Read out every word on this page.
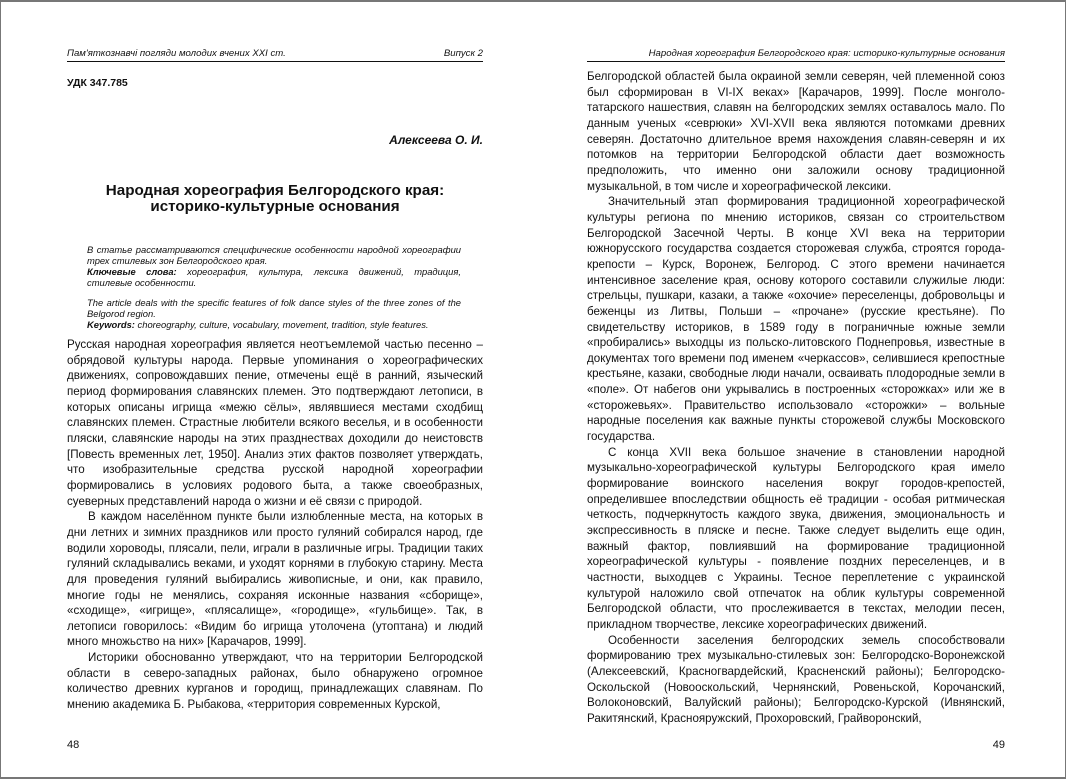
Пам'яткознавчі погляди молодих вчених XXI ст.	Випуск 2
УДК 347.785
Алексеева О. И.
Народная хореография Белгородского края:
историко-культурные основания
В статье рассматриваются специфические особенности народной хореографии трех стилевых зон Белгородского края.
Ключевые слова: хореография, культура, лексика движений, традиция, стилевые особенности.
The article deals with the specific features of folk dance styles of the three zones of the Belgorod region.
Keywords: choreography, culture, vocabulary, movement, tradition, style features.

Русская народная хореография является неотъемлемой частью песенно – обрядовой культуры народа. Первые упоминания о хореографических движениях, сопровождавших пение, отмечены ещё в ранний, языческий период формирования славянских племен. Это подтверждают летописи, в которых описаны игрища «межю сёлы», являвшиеся местами сходбищ славянских племен. Страстные любители всякого веселья, и в особенности пляски, славянские народы на этих празднествах доходили до неистовств [Повесть временных лет, 1950]. Анализ этих фактов позволяет утверждать, что изобразительные средства русской народной хореографии формировались в условиях родового быта, а также своеобразных, суеверных представлений народа о жизни и её связи с природой.

В каждом населённом пункте были излюбленные места, на которых в дни летних и зимних праздников или просто гуляний собирался народ, где водили хороводы, плясали, пели, играли в различные игры. Традиции таких гуляний складывались веками, и уходят корнями в глубокую старину. Места для проведения гуляний выбирались живописные, и они, как правило, многие годы не менялись, сохраняя исконные названия «сборище», «сходище», «игрище», «плясалище», «городище», «гульбище». Так, в летописи говорилось: «Видим бо игрища утолочена (утоптана) и людий много множьство на них» [Карачаров, 1999].

Историки обоснованно утверждают, что на территории Белгородской области в северо-западных районах, было обнаружено огромное количество древних курганов и городищ, принадлежащих славянам. По мнению академика Б. Рыбакова, «территория современных Курской,

48
Народная хореография Белгородского края: историко-культурные основания

Белгородской областей была окраиной земли северян, чей племенной союз был сформирован в VI-IX веках» [Карачаров, 1999]. После монголо-татарского нашествия, славян на белгородских землях оставалось мало. По данным ученых «севрюки» XVI-XVII века являются потомками древних северян. Достаточно длительное время нахождения славян-северян и их потомков на территории Белгородской области дает возможность предположить, что именно они заложили основу традиционной музыкальной, в том числе и хореографической лексики.

Значительный этап формирования традиционной хореографической культуры региона по мнению историков, связан со строительством Белгородской Засечной Черты. В конце XVI века на территории южнорусского государства создается сторожевая служба, строятся города-крепости – Курск, Воронеж, Белгород. С этого времени начинается интенсивное заселение края, основу которого составили служилые люди: стрельцы, пушкари, казаки, а также «охочие» переселенцы, добровольцы и беженцы из Литвы, Польши – «прочане» (русские крестьяне). По свидетельству историков, в 1589 году в пограничные южные земли «пробирались» выходцы из польско-литовского Поднепровья, известные в документах того времени под именем «черкассов», селившиеся крепостные крестьяне, казаки, свободные люди начали, осваивать плодородные земли в «поле». От набегов они укрывались в построенных «сторожках» или же в «сторожевьях». Правительство использовало «сторожки» – вольные народные поселения как важные пункты сторожевой службы Московского государства.

С конца XVII века большое значение в становлении народной музыкально-хореографической культуры Белгородского края имело формирование воинского населения вокруг городов-крепостей, определившее впоследствии общность её традиции - особая ритмическая четкость, подчеркнутость каждого звука, движения, эмоциональность и экспрессивность в пляске и песне. Также следует выделить еще один, важный фактор, повлиявший на формирование традиционной хореографической культуры - появление поздних переселенцев, и в частности, выходцев с Украины. Тесное переплетение с украинской культурой наложило свой отпечаток на облик культуры современной Белгородской области, что прослеживается в текстах, мелодии песен, прикладном творчестве, лексике хореографических движений.

Особенности заселения белгородских земель способствовали формированию трех музыкально-стилевых зон: Белгородско-Воронежской (Алексеевский, Красногвардейский, Красненский районы); Белгородско-Оскольской (Новооскольский, Чернянский, Ровеньской, Корочанский, Волоконовский, Валуйский районы); Белгородско-Курской (Ивнянский, Ракитянский, Краснояружский, Прохоровский, Грайворонский,

49
